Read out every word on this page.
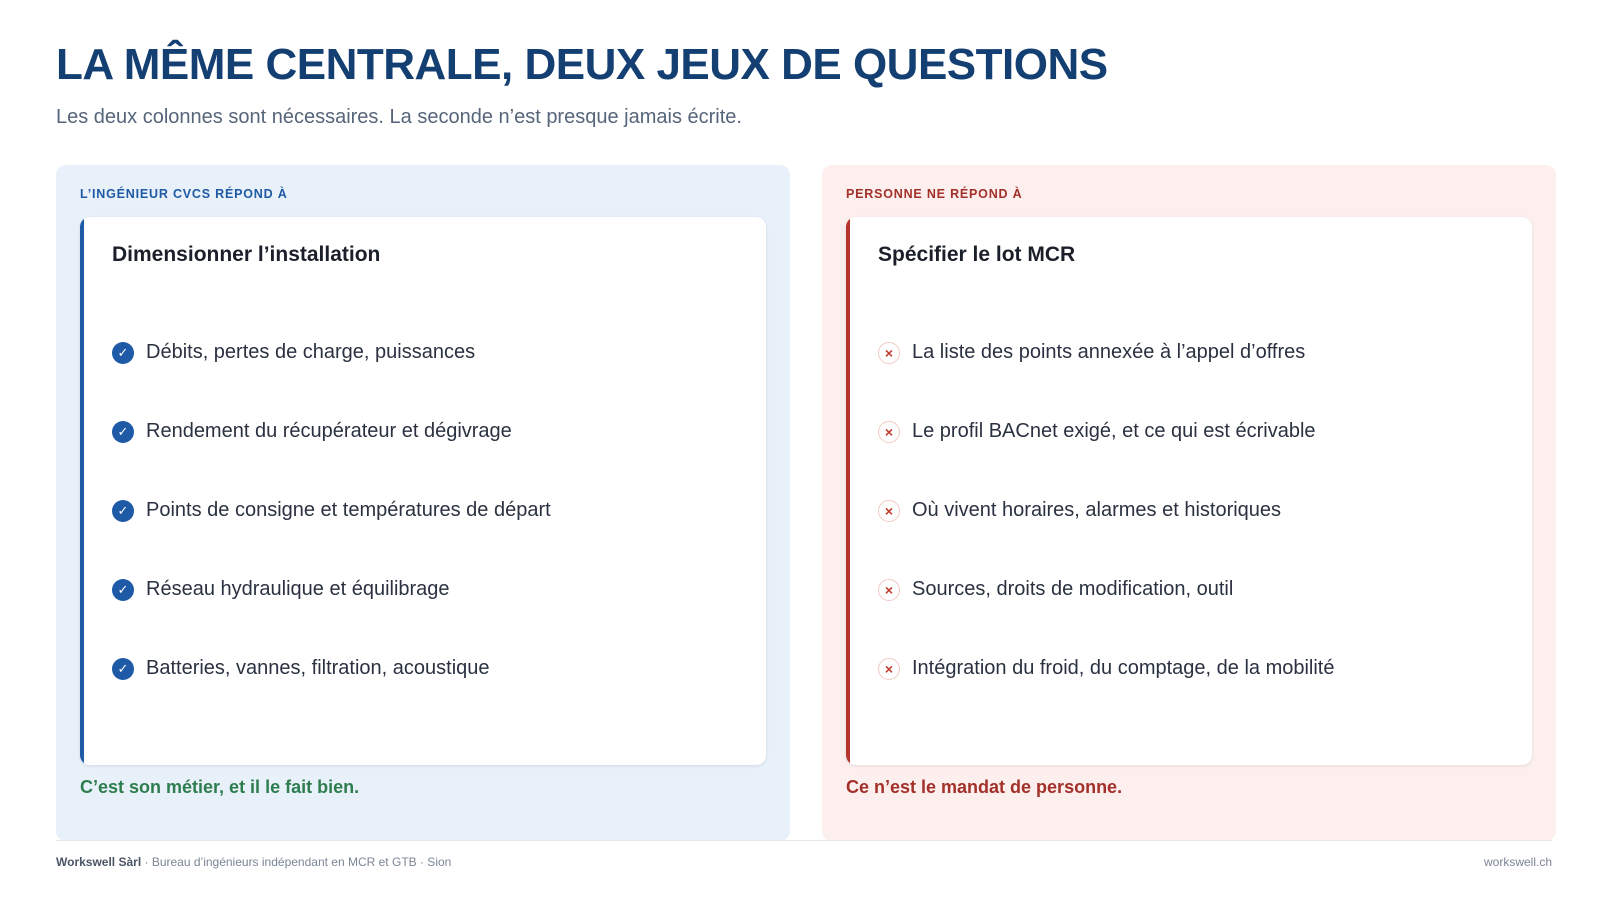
LA MÊME CENTRALE, DEUX JEUX DE QUESTIONS

Les deux colonnes sont nécessaires. La seconde n’est presque jamais écrite.

L’INGÉNIEUR CVCS RÉPOND À
Dimensionner l’installation
✓ Débits, pertes de charge, puissances
✓ Rendement du récupérateur et dégivrage
✓ Points de consigne et températures de départ
✓ Réseau hydraulique et équilibrage
✓ Batteries, vannes, filtration, acoustique
C’est son métier, et il le fait bien.
PERSONNE NE RÉPOND À
Spécifier le lot MCR
× La liste des points annexée à l’appel d’offres
× Le profil BACnet exigé, et ce qui est écrivable
× Où vivent horaires, alarmes et historiques
× Sources, droits de modification, outil
× Intégration du froid, du comptage, de la mobilité
Ce n’est le mandat de personne.
Workswell Sàrl · Bureau d’ingénieurs indépendant en MCR et GTB · Sion	workswell.ch
